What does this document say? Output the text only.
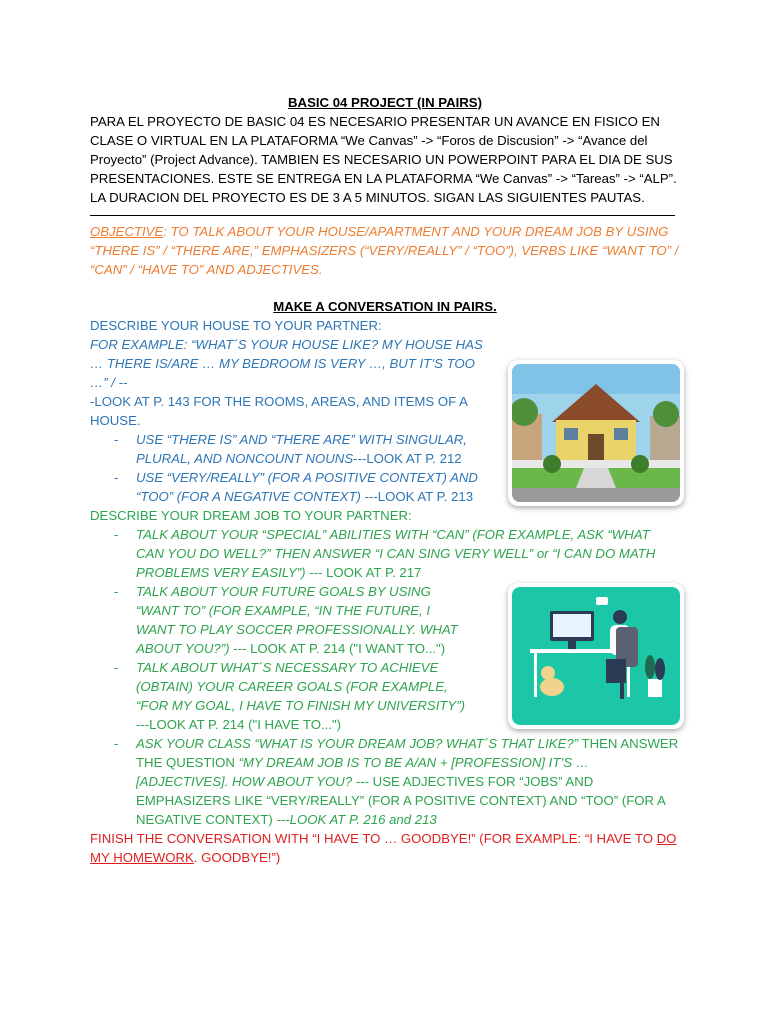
BASIC 04 PROJECT (IN PAIRS)

PARA EL PROYECTO DE BASIC 04 ES NECESARIO PRESENTAR UN AVANCE EN FISICO EN CLASE O VIRTUAL EN LA PLATAFORMA “We Canvas” -> “Foros de Discusion” -> “Avance del Proyecto” (Project Advance). TAMBIEN ES NECESARIO UN POWERPOINT PARA EL DIA DE SUS PRESENTACIONES. ESTE SE ENTREGA EN LA PLATAFORMA “We Canvas” -> “Tareas” -> “ALP”. LA DURACION DEL PROYECTO ES DE 3 A 5 MINUTOS. SIGAN LAS SIGUIENTES PAUTAS.

OBJECTIVE: TO TALK ABOUT YOUR HOUSE/APARTMENT AND YOUR DREAM JOB BY USING “THERE IS” / “THERE ARE,” EMPHASIZERS (“VERY/REALLY” / “TOO”), VERBS LIKE “WANT TO” / “CAN” / “HAVE TO” AND ADJECTIVES.

MAKE A CONVERSATION IN PAIRS.

DESCRIBE YOUR HOUSE TO YOUR PARTNER:

FOR EXAMPLE: “WHAT´S YOUR HOUSE LIKE? MY HOUSE HAS … THERE IS/ARE … MY BEDROOM IS VERY …, BUT IT’S TOO …” / --

-LOOK AT P. 143 FOR THE ROOMS, AREAS, AND ITEMS OF A HOUSE.

- USE “THERE IS” AND “THERE ARE” WITH SINGULAR, PLURAL, AND NONCOUNT NOUNS---LOOK AT P. 212
- USE “VERY/REALLY” (FOR A POSITIVE CONTEXT) AND “TOO” (FOR A NEGATIVE CONTEXT) ---LOOK AT P. 213

DESCRIBE YOUR DREAM JOB TO YOUR PARTNER:

- TALK ABOUT YOUR “SPECIAL” ABILITIES WITH “CAN” (FOR EXAMPLE, ASK “WHAT CAN YOU DO WELL?” THEN ANSWER “I CAN SING VERY WELL” or “I CAN DO MATH PROBLEMS VERY EASILY”) --- LOOK AT P. 217
- TALK ABOUT YOUR FUTURE GOALS BY USING “WANT TO” (FOR EXAMPLE, “IN THE FUTURE, I WANT TO PLAY SOCCER PROFESSIONALLY. WHAT ABOUT YOU?”) --- LOOK AT P. 214 ("I WANT TO...")
- TALK ABOUT WHAT´S NECESSARY TO ACHIEVE (OBTAIN) YOUR CAREER GOALS (FOR EXAMPLE, “FOR MY GOAL, I HAVE TO FINISH MY UNIVERSITY”) ---LOOK AT P. 214 ("I HAVE TO...")
- ASK YOUR CLASS “WHAT IS YOUR DREAM JOB? WHAT´S THAT LIKE?” THEN ANSWER THE QUESTION “MY DREAM JOB IS TO BE A/AN + [PROFESSION] IT’S … [ADJECTIVES]. HOW ABOUT YOU? --- USE ADJECTIVES FOR “JOBS” AND EMPHASIZERS LIKE “VERY/REALLY” (FOR A POSITIVE CONTEXT) AND “TOO” (FOR A NEGATIVE CONTEXT) ---LOOK AT P. 216 and 213

FINISH THE CONVERSATION WITH “I HAVE TO … GOODBYE!” (FOR EXAMPLE: “I HAVE TO DO MY HOMEWORK. GOODBYE!”)
